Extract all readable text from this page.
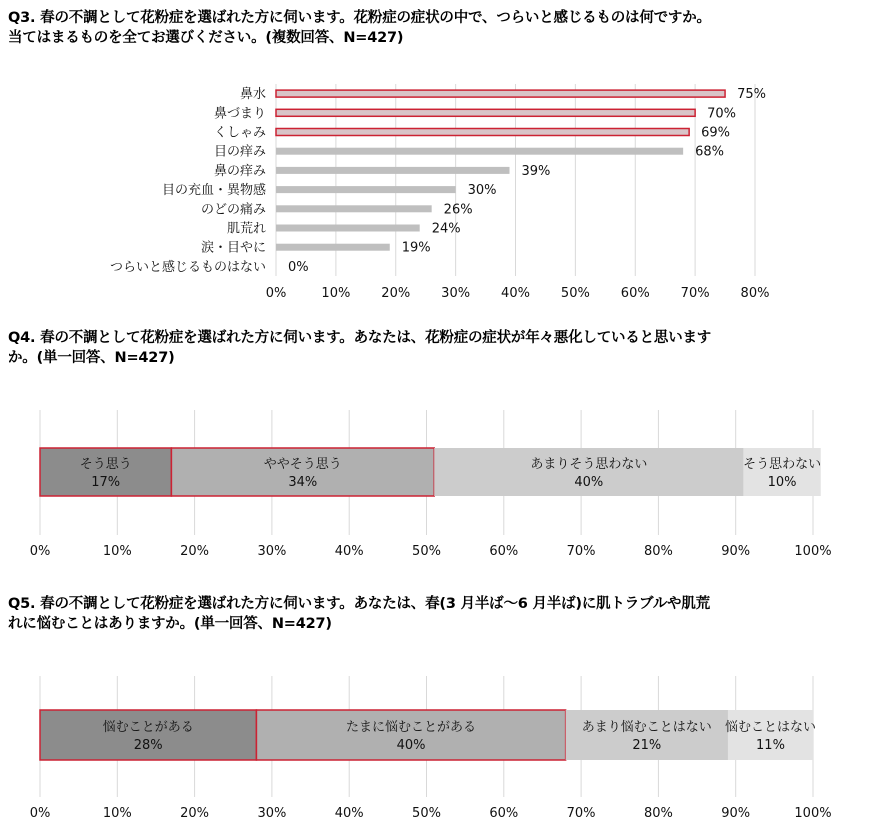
Q3. 春の不調として花粉症を選ばれた方に伺います。花粉症の症状の中で、つらいと感じるものは何ですか。
当てはまるものを全てお選びください。(複数回答、N=427)
0%	10% 20% 30% 40% 50% 60% 70% 80%
鼻水	75%
鼻づまり	70%
くしゃみ	69%
目の痒み	68%
鼻の痒み	39%
目の充血・異物感	30%
のどの痛み	26%
肌荒れ	24%
涙・目やに	19%
つらいと感じるものはない 0%
Q4. 春の不調として花粉症を選ばれた方に伺います。あなたは、花粉症の症状が年々悪化していると思います
か。(単一回答、N=427)
0%	10%	20%	30%	40%	50%	60%	70%	80%	90%	100%
そう思う
17%
ややそう思う
34%
あまりそう思わない
40%
そう思わない
10%
Q5. 春の不調として花粉症を選ばれた方に伺います。あなたは、春(3 月半ば～6 月半ば)に肌トラブルや肌荒
れに悩むことはありますか。(単一回答、N=427)
0%	10%	20%	30%	40%	50%	60%	70%	80%	90%	100%
悩むことがある
28%
たまに悩むことがある
40%
あまり悩むことはない
21%
悩むことはない
11%
